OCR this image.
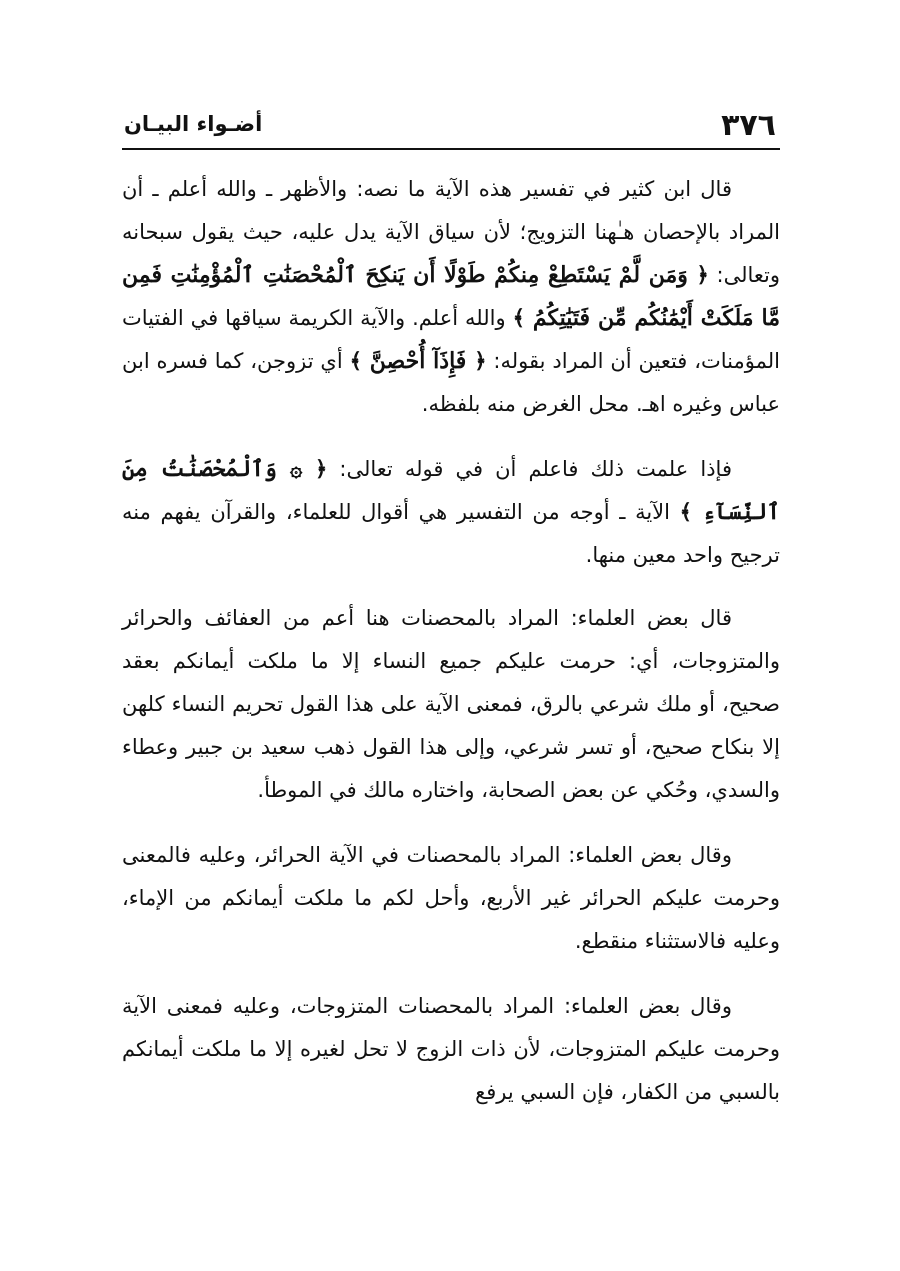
٣٧٦
أضـواء البيـان

قال ابن كثير في تفسير هذه الآية ما نصه: والأظهر ـ والله أعلم ـ أن المراد بالإحصان هـٰهنا التزويج؛ لأن سياق الآية يدل عليه، حيث يقول سبحانه وتعالى: ﴿ وَمَن لَّمْ يَسْتَطِعْ مِنكُمْ طَوْلًا أَن يَنكِحَ ٱلْمُحْصَنَٰتِ ٱلْمُؤْمِنَٰتِ فَمِن مَّا مَلَكَتْ أَيْمَٰنُكُم مِّن فَتَيَٰتِكُمُ ﴾ والله أعلم. والآية الكريمة سياقها في الفتيات المؤمنات، فتعين أن المراد بقوله: ﴿ فَإِذَآ أُحْصِنَّ ﴾ أي تزوجن، كما فسره ابن عباس وغيره اهـ. محل الغرض منه بلفظه.

فإذا علمت ذلك فاعلم أن في قوله تعالى: ﴿ ۞ وَٱلْمُحْصَنَٰتُ مِنَ ٱلنِّسَآءِ ﴾ الآية ـ أوجه من التفسير هي أقوال للعلماء، والقرآن يفهم منه ترجيح واحد معين منها.

قال بعض العلماء: المراد بالمحصنات هنا أعم من العفائف والحرائر والمتزوجات، أي: حرمت عليكم جميع النساء إلا ما ملكت أيمانكم بعقد صحيح، أو ملك شرعي بالرق، فمعنى الآية على هذا القول تحريم النساء كلهن إلا بنكاح صحيح، أو تسر شرعي، وإلى هذا القول ذهب سعيد بن جبير وعطاء والسدي، وحُكي عن بعض الصحابة، واختاره مالك في الموطأ.

وقال بعض العلماء: المراد بالمحصنات في الآية الحرائر، وعليه فالمعنى وحرمت عليكم الحرائر غير الأربع، وأحل لكم ما ملكت أيمانكم من الإماء، وعليه فالاستثناء منقطع.

وقال بعض العلماء: المراد بالمحصنات المتزوجات، وعليه فمعنى الآية وحرمت عليكم المتزوجات، لأن ذات الزوج لا تحل لغيره إلا ما ملكت أيمانكم بالسبي من الكفار، فإن السبي يرفع
